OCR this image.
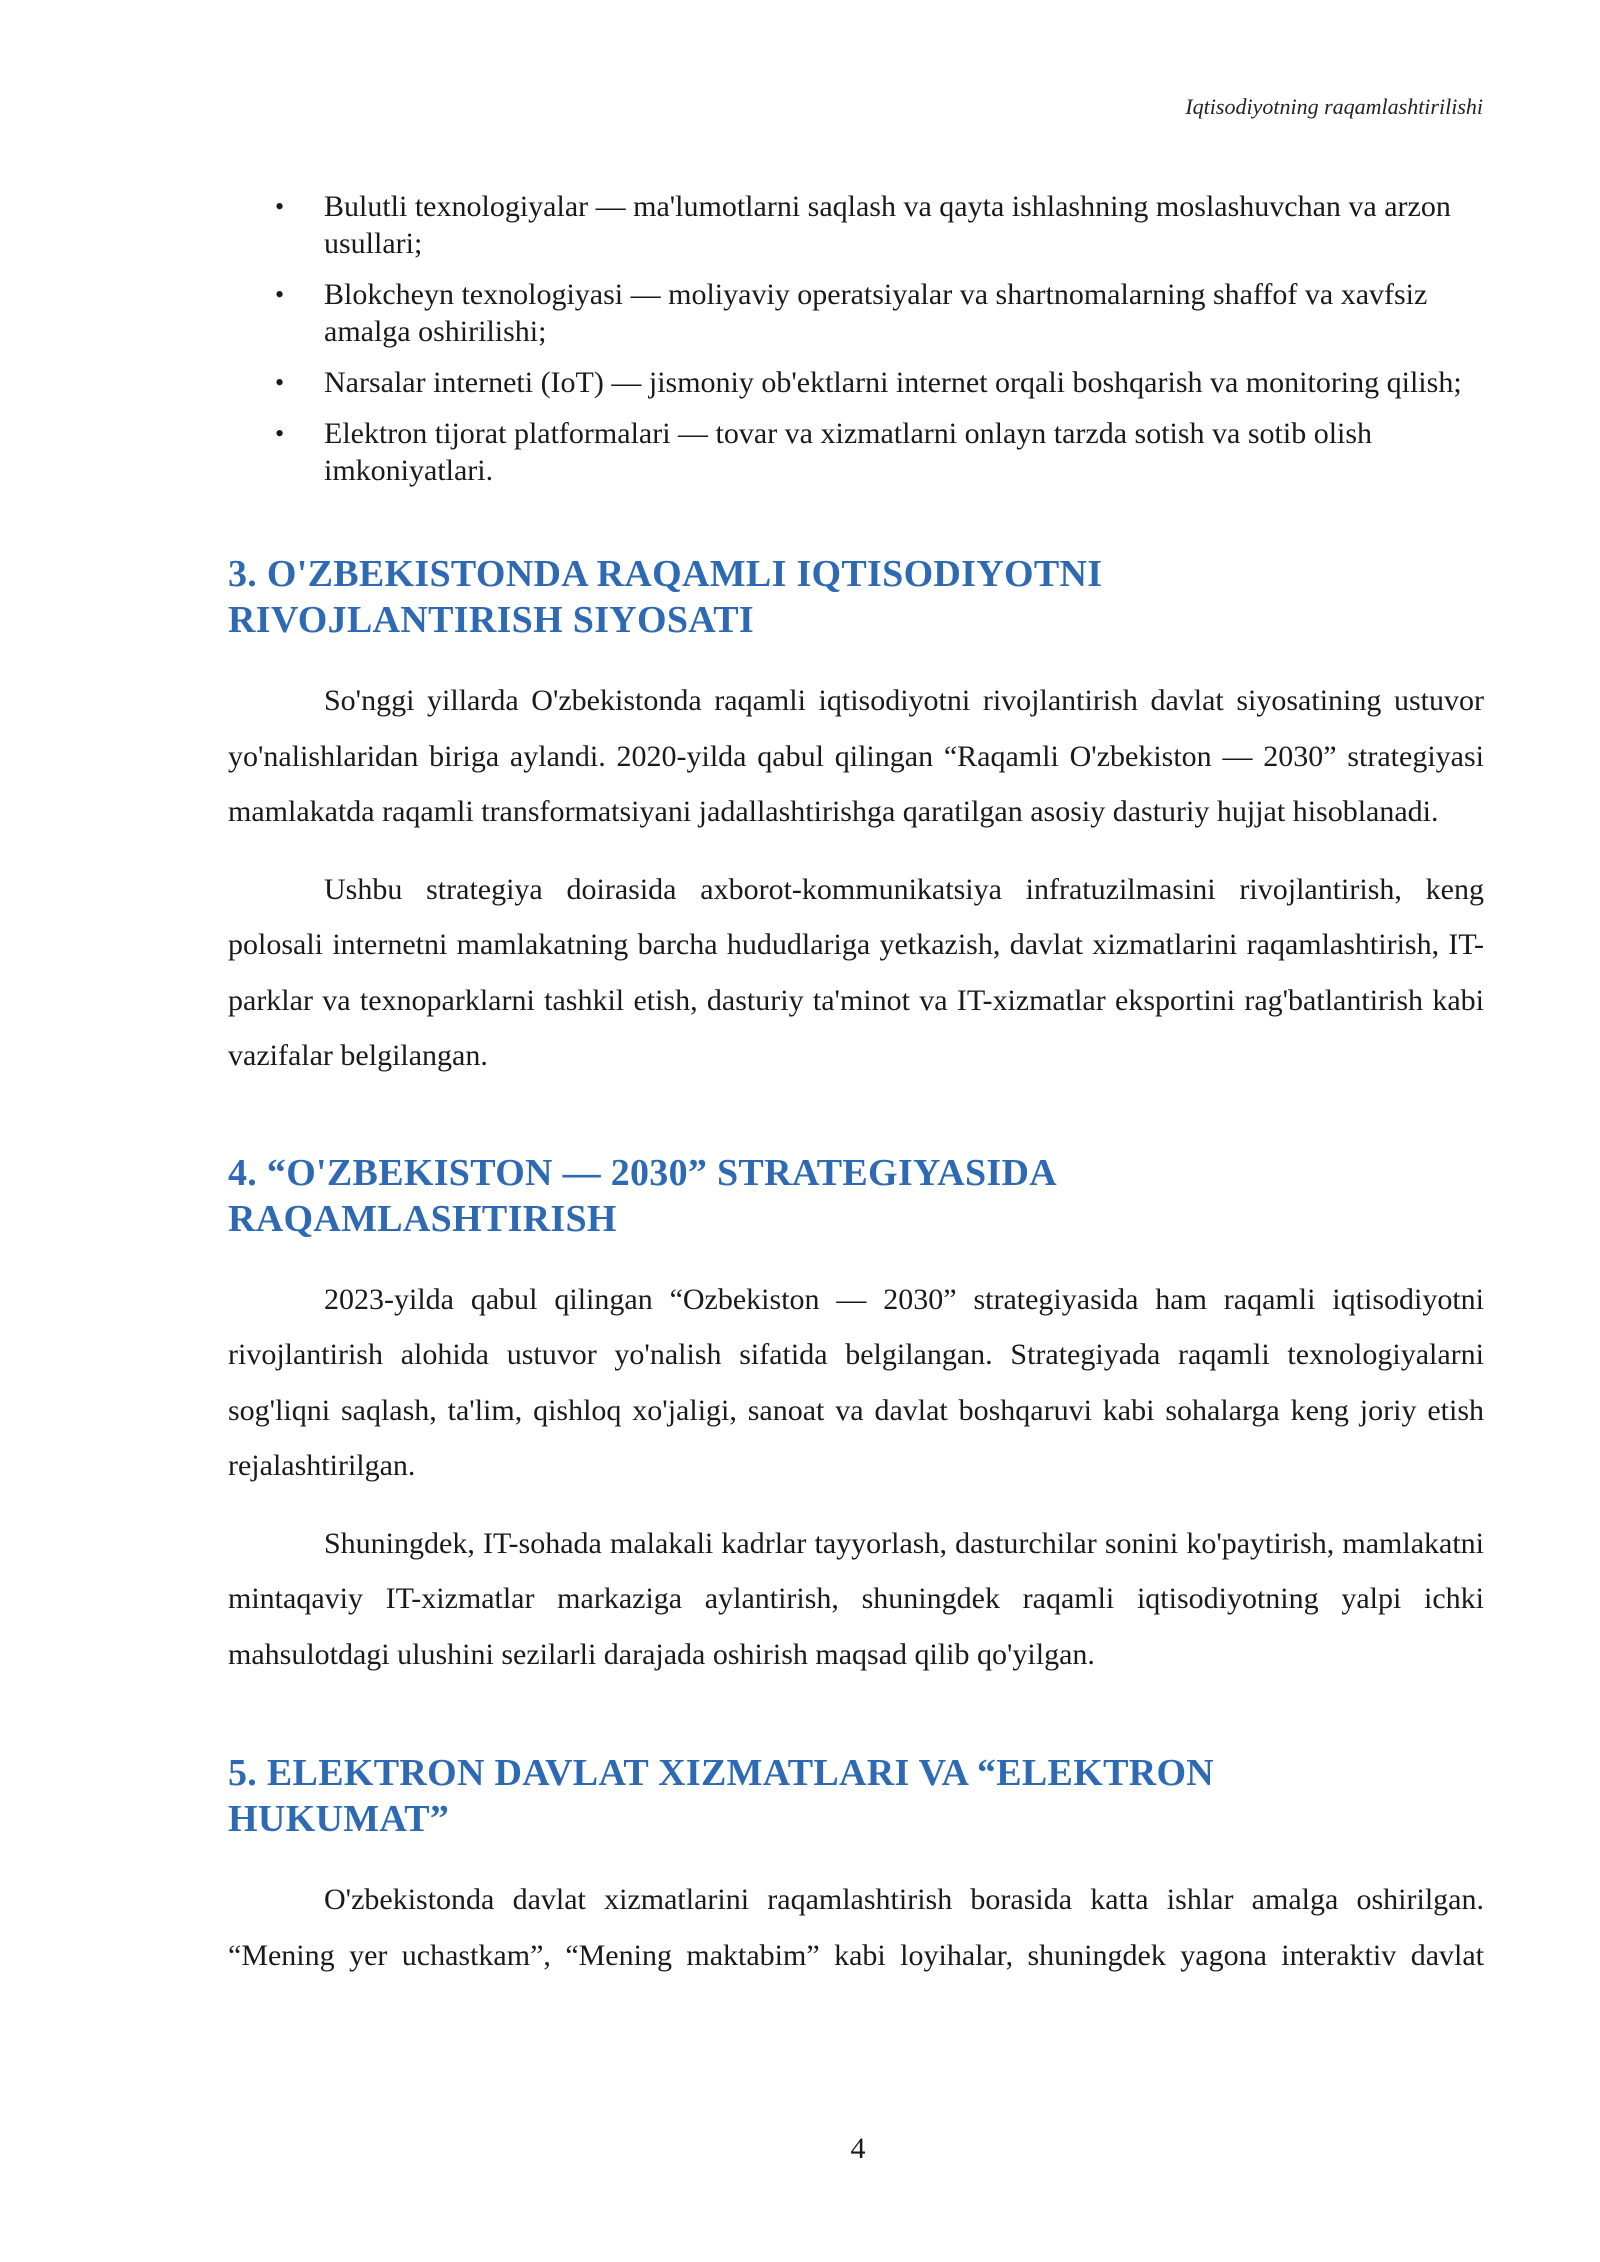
Iqtisodiyotning raqamlashtirilishi
• Bulutli texnologiyalar — ma'lumotlarni saqlash va qayta ishlashning moslashuvchan va arzon usullari;
• Blokcheyn texnologiyasi — moliyaviy operatsiyalar va shartnomalarning shaffof va xavfsiz amalga oshirilishi;
• Narsalar interneti (IoT) — jismoniy ob'ektlarni internet orqali boshqarish va monitoring qilish;
• Elektron tijorat platformalari — tovar va xizmatlarni onlayn tarzda sotish va sotib olish imkoniyatlari.
3. O'ZBEKISTONDA RAQAMLI IQTISODIYOTNI
RIVOJLANTIRISH SIYOSATI

So'nggi yillarda O'zbekistonda raqamli iqtisodiyotni rivojlantirish davlat siyosatining ustuvor yo'nalishlaridan biriga aylandi. 2020-yilda qabul qilingan “Raqamli O'zbekiston — 2030” strategiyasi mamlakatda raqamli transformatsiyani jadallashtirishga qaratilgan asosiy dasturiy hujjat hisoblanadi.

Ushbu strategiya doirasida axborot-kommunikatsiya infratuzilmasini rivojlantirish, keng polosali internetni mamlakatning barcha hududlariga yetkazish, davlat xizmatlarini raqamlashtirish, IT-parklar va texnoparklarni tashkil etish, dasturiy ta'minot va IT-xizmatlar eksportini rag'batlantirish kabi vazifalar belgilangan.

4. “O'ZBEKISTON — 2030” STRATEGIYASIDA
RAQAMLASHTIRISH

2023-yilda qabul qilingan “Ozbekiston — 2030” strategiyasida ham raqamli iqtisodiyotni rivojlantirish alohida ustuvor yo'nalish sifatida belgilangan. Strategiyada raqamli texnologiyalarni sog'liqni saqlash, ta'lim, qishloq xo'jaligi, sanoat va davlat boshqaruvi kabi sohalarga keng joriy etish rejalashtirilgan.

Shuningdek, IT-sohada malakali kadrlar tayyorlash, dasturchilar sonini ko'paytirish, mamlakatni mintaqaviy IT-xizmatlar markaziga aylantirish, shuningdek raqamli iqtisodiyotning yalpi ichki mahsulotdagi ulushini sezilarli darajada oshirish maqsad qilib qo'yilgan.

5. ELEKTRON DAVLAT XIZMATLARI VA “ELEKTRON
HUKUMAT”

O'zbekistonda davlat xizmatlarini raqamlashtirish borasida katta ishlar amalga oshirilgan. “Mening yer uchastkam”, “Mening maktabim” kabi loyihalar, shuningdek yagona interaktiv davlat

4
